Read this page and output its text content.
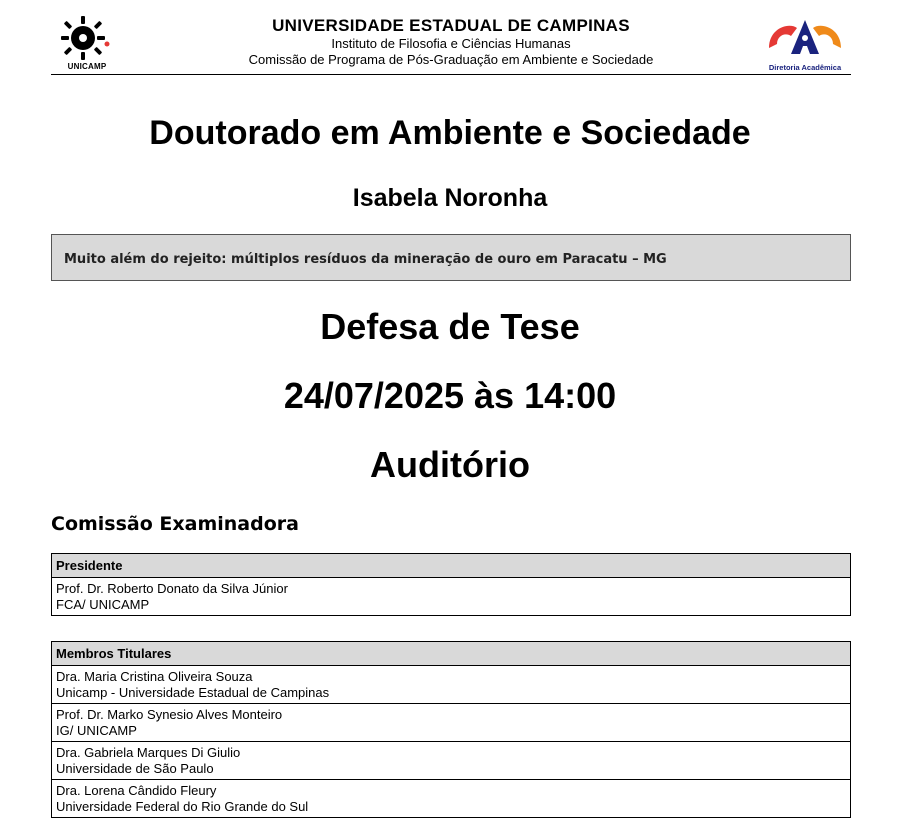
UNICAMP
UNIVERSIDADE ESTADUAL DE CAMPINAS
Instituto de Filosofia e Ciências Humanas
Comissão de Programa de Pós-Graduação em Ambiente e Sociedade
Diretoria Acadêmica
Doutorado em Ambiente e Sociedade
Isabela Noronha
Muito além do rejeito: múltiplos resíduos da mineração de ouro em Paracatu – MG
Defesa de Tese
24/07/2025 às 14:00
Auditório
Comissão Examinadora
Presidente
Prof. Dr. Roberto Donato da Silva Júnior
FCA/ UNICAMP
Membros Titulares
Dra. Maria Cristina Oliveira Souza
Unicamp - Universidade Estadual de Campinas
Prof. Dr. Marko Synesio Alves Monteiro
IG/ UNICAMP
Dra. Gabriela Marques Di Giulio
Universidade de São Paulo
Dra. Lorena Cândido Fleury
Universidade Federal do Rio Grande do Sul
